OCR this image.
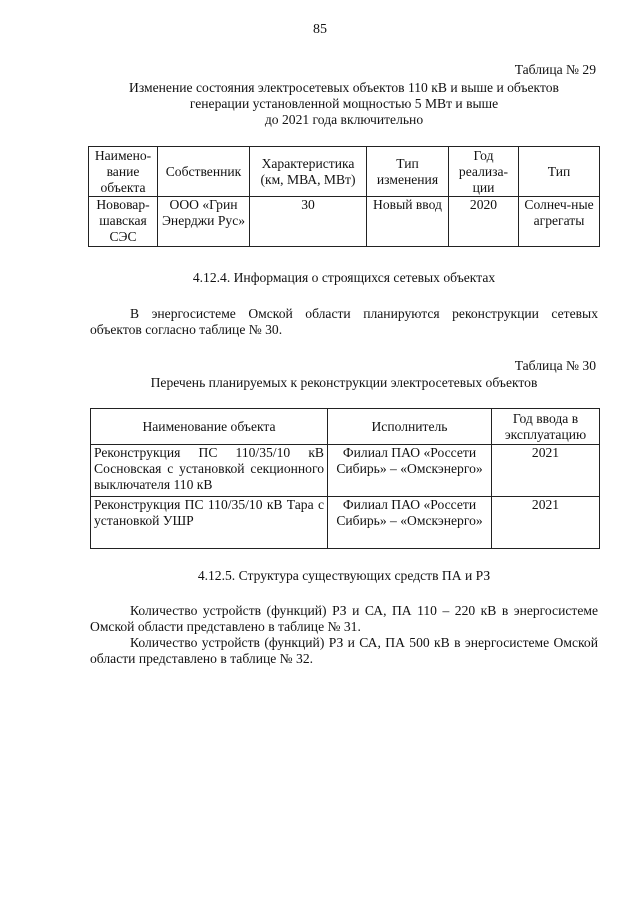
85
Таблица № 29
Изменение состояния электросетевых объектов 110 кВ и выше и объектов
генерации установленной мощностью 5 МВт и выше
до 2021 года включительно
Наимено-вание объекта	Собственник	Характеристика (км, МВА, МВт)	Тип изменения	Год реализа-ции	Тип
Нововар-шавская СЭС	ООО «Грин Энерджи Рус»	30	Новый ввод	2020	Солнеч-ные агрегаты
4.12.4. Информация о строящихся сетевых объектах
В энергосистеме Омской области планируются реконструкции сетевых объектов согласно таблице № 30.
Таблица № 30
Перечень планируемых к реконструкции электросетевых объектов
Наименование объекта	Исполнитель	Год ввода в эксплуатацию
Реконструкция ПС 110/35/10 кВ Сосновская с установкой секционного выключателя 110 кВ	Филиал ПАО «Россети Сибирь» – «Омскэнерго»	2021
Реконструкция ПС 110/35/10 кВ Тара с установкой УШР	Филиал ПАО «Россети Сибирь» – «Омскэнерго»	2021
4.12.5. Структура существующих средств ПА и РЗ

Количество устройств (функций) РЗ и СА, ПА 110 – 220 кВ в энергосистеме Омской области представлено в таблице № 31.

Количество устройств (функций) РЗ и СА, ПА 500 кВ в энергосистеме Омской области представлено в таблице № 32.
